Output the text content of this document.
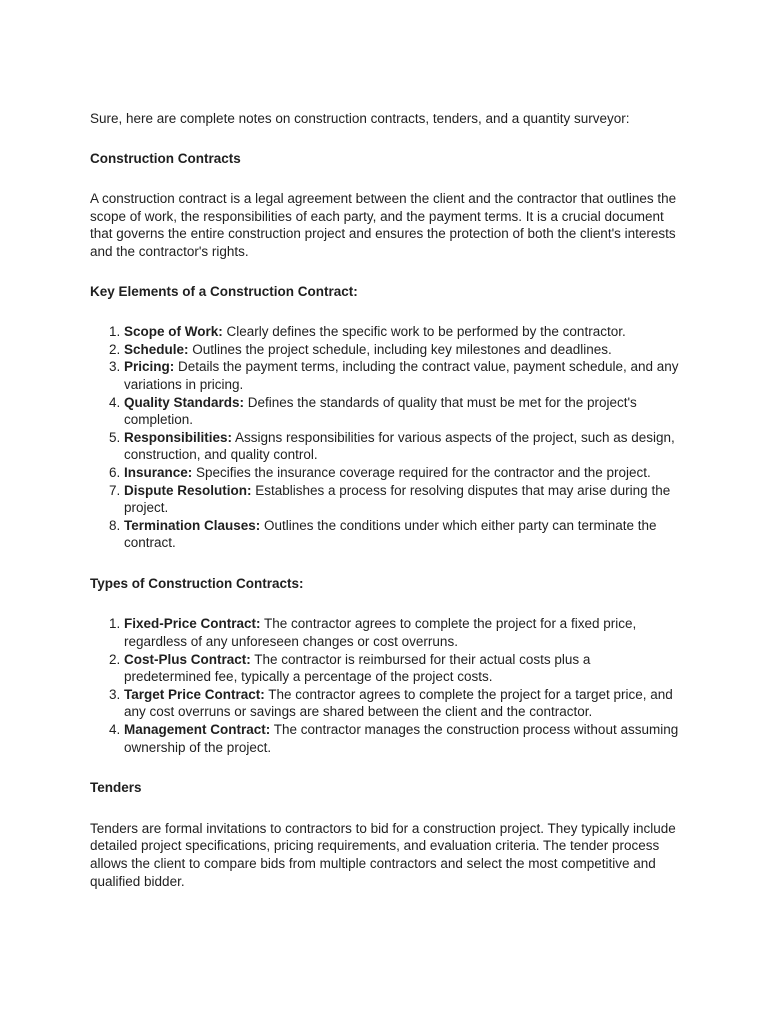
Sure, here are complete notes on construction contracts, tenders, and a quantity surveyor:

Construction Contracts

A construction contract is a legal agreement between the client and the contractor that outlines the scope of work, the responsibilities of each party, and the payment terms. It is a crucial document that governs the entire construction project and ensures the protection of both the client's interests and the contractor's rights.

Key Elements of a Construction Contract:

1. Scope of Work: Clearly defines the specific work to be performed by the contractor.
2. Schedule: Outlines the project schedule, including key milestones and deadlines.
3. Pricing: Details the payment terms, including the contract value, payment schedule, and any variations in pricing.
4. Quality Standards: Defines the standards of quality that must be met for the project's completion.
5. Responsibilities: Assigns responsibilities for various aspects of the project, such as design, construction, and quality control.
6. Insurance: Specifies the insurance coverage required for the contractor and the project.
7. Dispute Resolution: Establishes a process for resolving disputes that may arise during the project.
8. Termination Clauses: Outlines the conditions under which either party can terminate the contract.

Types of Construction Contracts:

1. Fixed-Price Contract: The contractor agrees to complete the project for a fixed price, regardless of any unforeseen changes or cost overruns.
2. Cost-Plus Contract: The contractor is reimbursed for their actual costs plus a predetermined fee, typically a percentage of the project costs.
3. Target Price Contract: The contractor agrees to complete the project for a target price, and any cost overruns or savings are shared between the client and the contractor.
4. Management Contract: The contractor manages the construction process without assuming ownership of the project.

Tenders

Tenders are formal invitations to contractors to bid for a construction project. They typically include detailed project specifications, pricing requirements, and evaluation criteria. The tender process allows the client to compare bids from multiple contractors and select the most competitive and qualified bidder.
